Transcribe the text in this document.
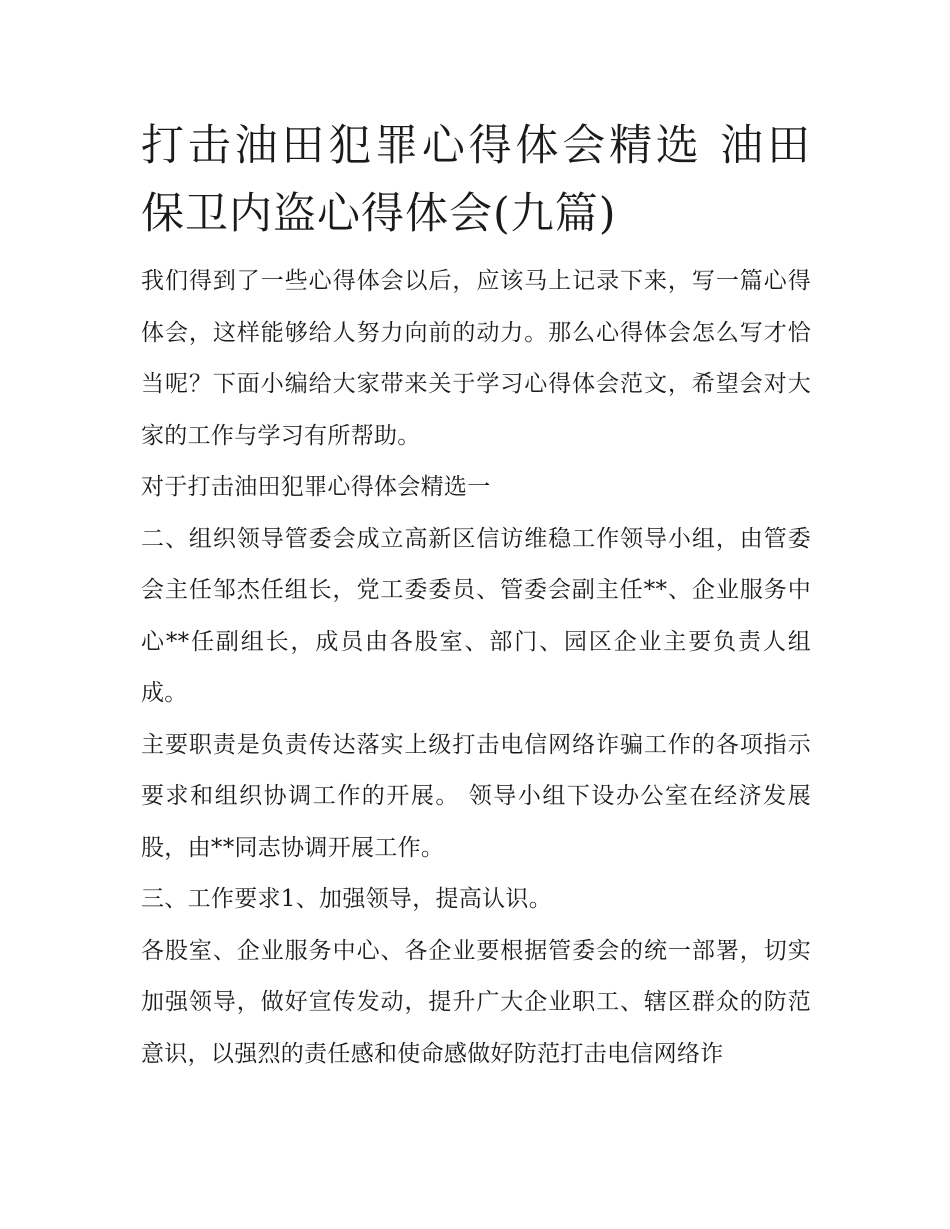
打击油田犯罪心得体会精选 油田保卫内盗心得体会(九篇)

我们得到了一些心得体会以后，应该马上记录下来，写一篇心得体会，这样能够给人努力向前的动力。那么心得体会怎么写才恰当呢？下面小编给大家带来关于学习心得体会范文，希望会对大家的工作与学习有所帮助。

对于打击油田犯罪心得体会精选一

二、组织领导管委会成立高新区信访维稳工作领导小组，由管委会主任邹杰任组长，党工委委员、管委会副主任**、企业服务中心**任副组长，成员由各股室、部门、园区企业主要负责人组成。

主要职责是负责传达落实上级打击电信网络诈骗工作的各项指示要求和组织协调工作的开展。 领导小组下设办公室在经济发展股，由**同志协调开展工作。

三、工作要求1、加强领导，提高认识。

各股室、企业服务中心、各企业要根据管委会的统一部署，切实加强领导，做好宣传发动，提升广大企业职工、辖区群众的防范意识，以强烈的责任感和使命感做好防范打击电信网络诈
